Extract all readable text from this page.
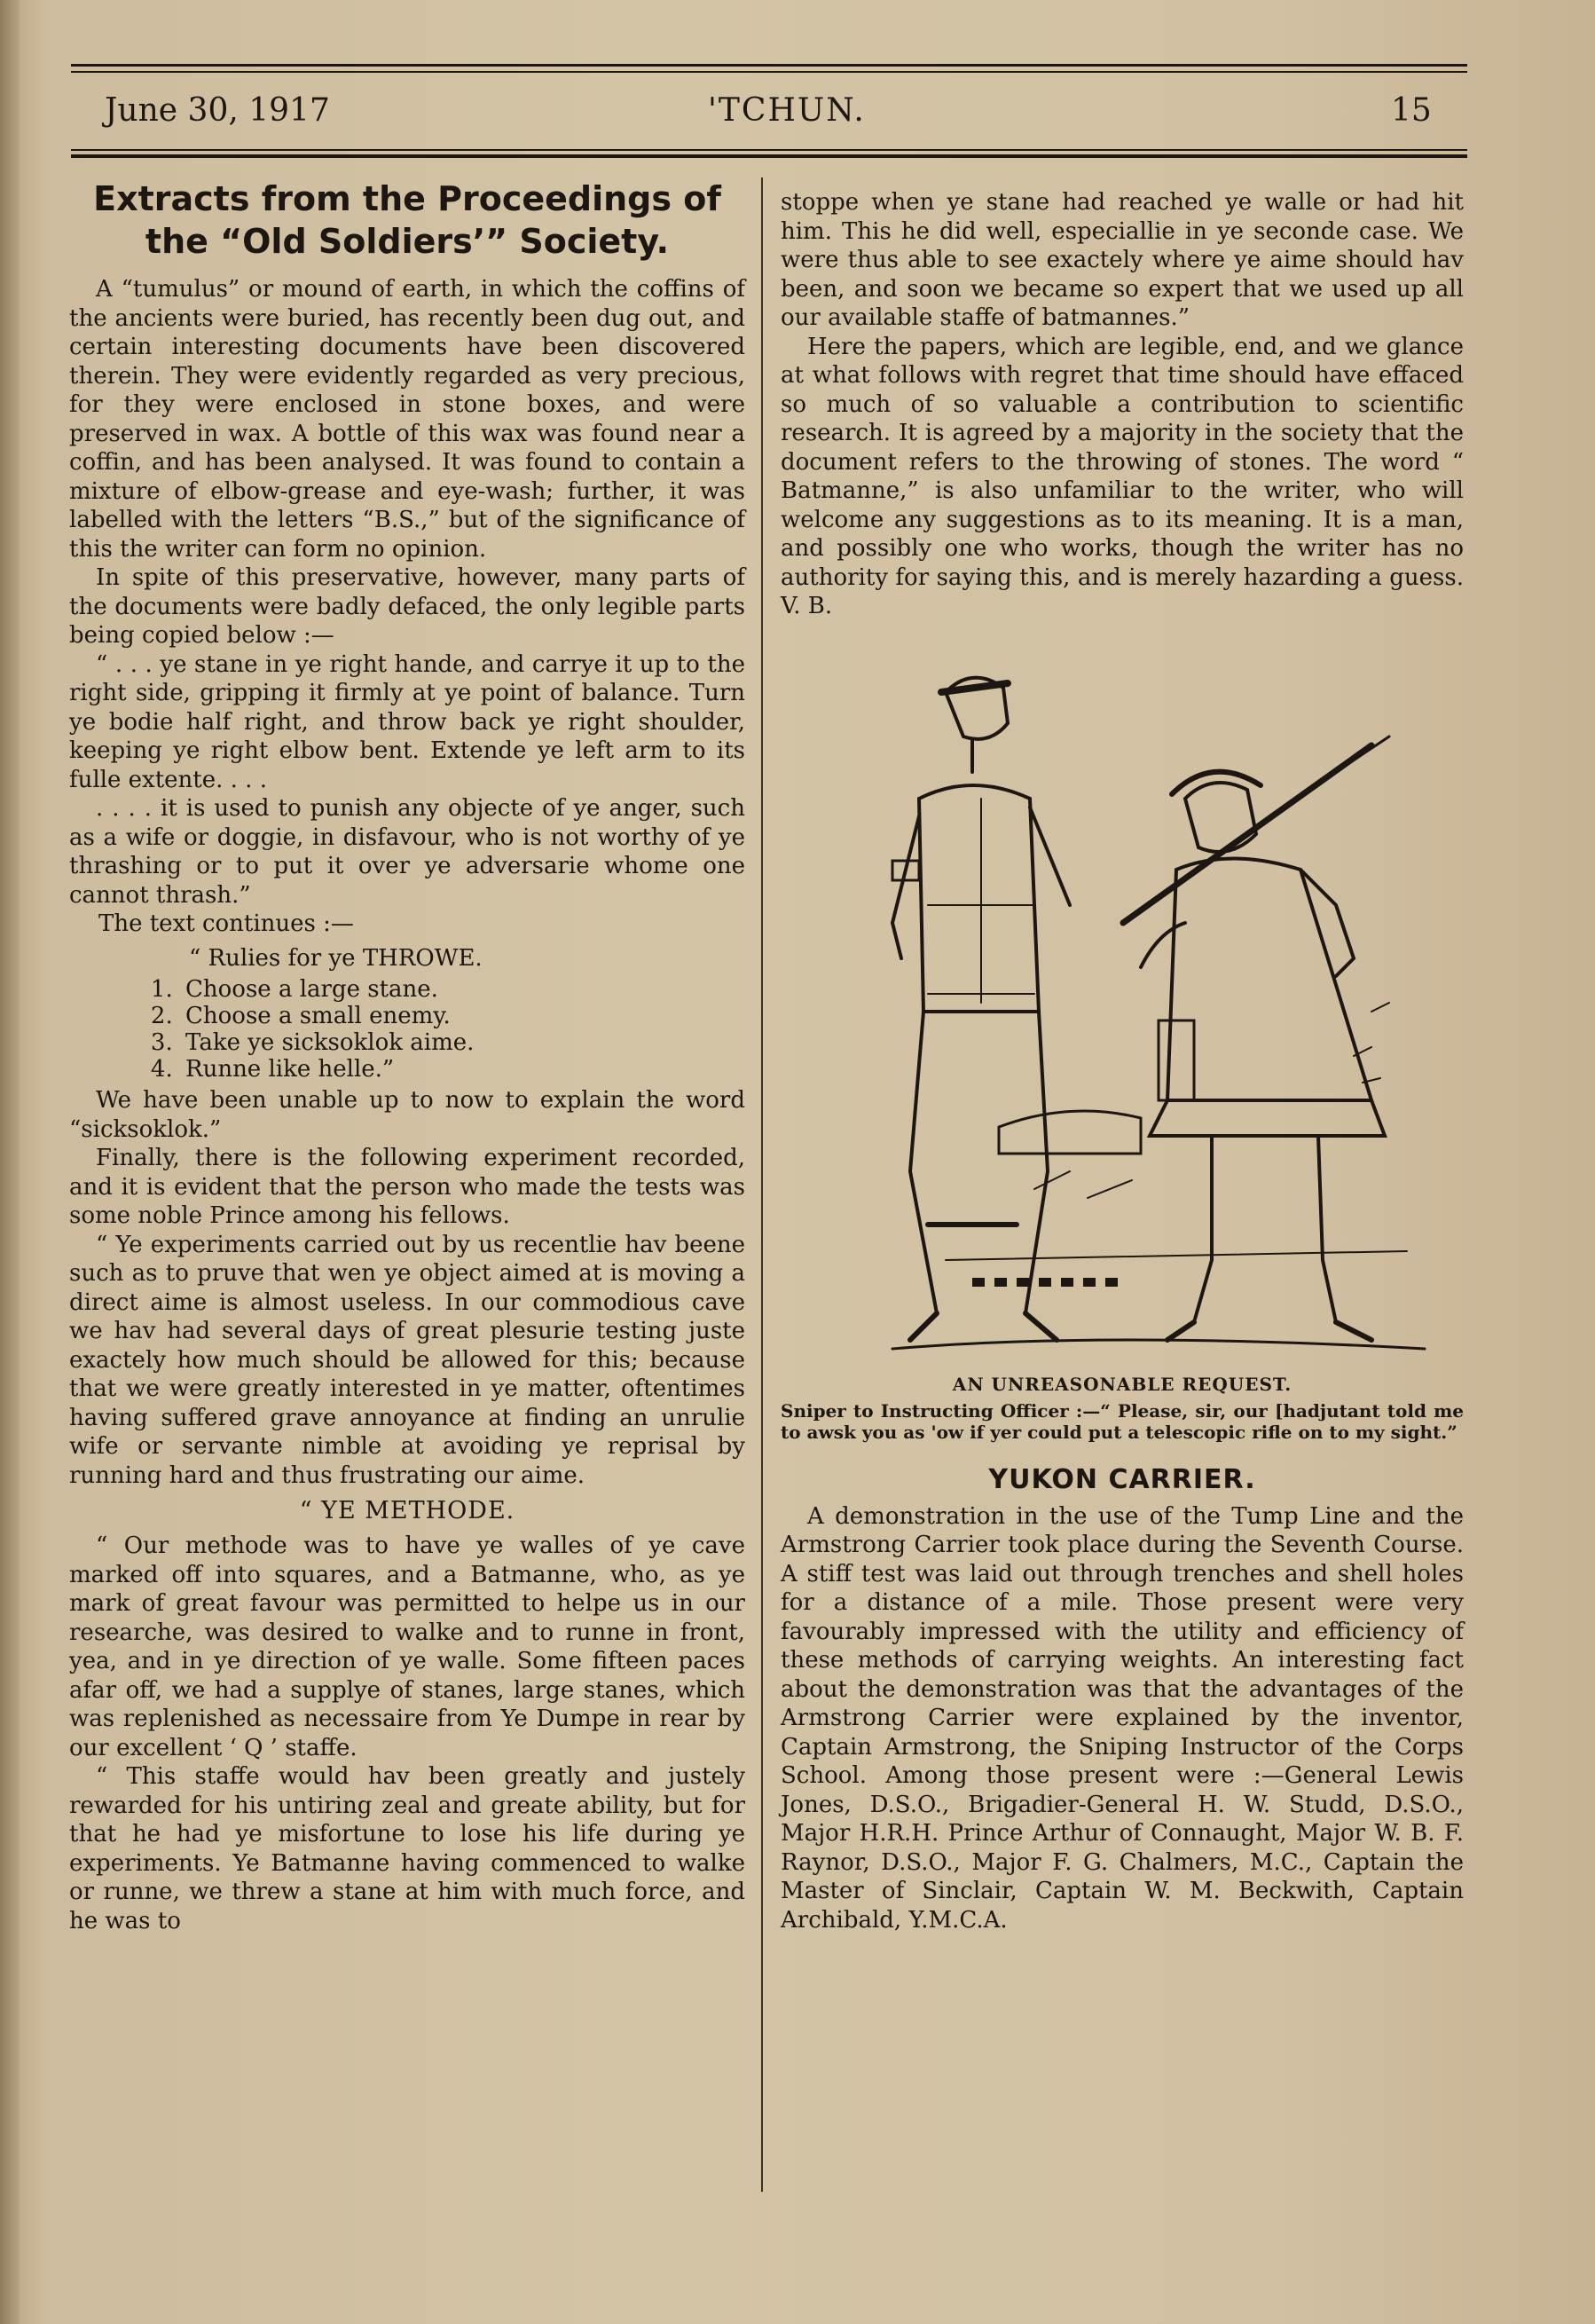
June 30, 1917	'TCHUN.	15
Extracts from the Proceedings of
the “Old Soldiers’” Society.

A “tumulus” or mound of earth, in which the coffins of the ancients were buried, has recently been dug out, and certain interesting documents have been discovered therein. They were evidently regarded as very precious, for they were enclosed in stone boxes, and were preserved in wax. A bottle of this wax was found near a coffin, and has been analysed. It was found to contain a mixture of elbow-grease and eye-wash; further, it was labelled with the letters “B.S.,” but of the significance of this the writer can form no opinion.

In spite of this preservative, however, many parts of the documents were badly defaced, the only legible parts being copied below :—

“ . . . ye stane in ye right hande, and carrye it up to the right side, gripping it firmly at ye point of balance. Turn ye bodie half right, and throw back ye right shoulder, keeping ye right elbow bent. Extende ye left arm to its fulle extente. . . .

. . . . it is used to punish any objecte of ye anger, such as a wife or doggie, in disfavour, who is not worthy of ye thrashing or to put it over ye adversarie whome one cannot thrash.”

The text continues :—

“ Rulies for ye THROWE.

1. Choose a large stane.
2. Choose a small enemy.
3. Take ye sicksoklok aime.
4. Runne like helle.”

We have been unable up to now to explain the word “sicksoklok.”

Finally, there is the following experiment recorded, and it is evident that the person who made the tests was some noble Prince among his fellows.

“ Ye experiments carried out by us recentlie hav beene such as to pruve that wen ye object aimed at is moving a direct aime is almost useless. In our commodious cave we hav had several days of great plesurie testing juste exactely how much should be allowed for this; because that we were greatly interested in ye matter, oftentimes having suffered grave annoyance at finding an unrulie wife or servante nimble at avoiding ye reprisal by running hard and thus frustrating our aime.

“ YE METHODE.

“ Our methode was to have ye walles of ye cave marked off into squares, and a Batmanne, who, as ye mark of great favour was permitted to helpe us in our researche, was desired to walke and to runne in front, yea, and in ye direction of ye walle. Some fifteen paces afar off, we had a supplye of stanes, large stanes, which was replenished as necessaire from Ye Dumpe in rear by our excellent ‘ Q ’ staffe.

“ This staffe would hav been greatly and justely rewarded for his untiring zeal and greate ability, but for that he had ye misfortune to lose his life during ye experiments. Ye Batmanne having commenced to walke or runne, we threw a stane at him with much force, and he was to

stoppe when ye stane had reached ye walle or had hit him. This he did well, especiallie in ye seconde case. We were thus able to see exactely where ye aime should hav been, and soon we became so expert that we used up all our available staffe of batmannes.”

Here the papers, which are legible, end, and we glance at what follows with regret that time should have effaced so much of so valuable a contribution to scientific research. It is agreed by a majority in the society that the document refers to the throwing of stones. The word “ Batmanne,” is also unfamiliar to the writer, who will welcome any suggestions as to its meaning. It is a man, and possibly one who works, though the writer has no authority for saying this, and is merely hazarding a guess. V. B.

AN UNREASONABLE REQUEST.
Sniper to Instructing Officer :—“ Please, sir, our [hadjutant told me to awsk you as 'ow if yer could put a telescopic rifle on to my sight.”
YUKON CARRIER.

A demonstration in the use of the Tump Line and the Armstrong Carrier took place during the Seventh Course. A stiff test was laid out through trenches and shell holes for a distance of a mile. Those present were very favourably impressed with the utility and efficiency of these methods of carrying weights. An interesting fact about the demonstration was that the advantages of the Armstrong Carrier were explained by the inventor, Captain Armstrong, the Sniping Instructor of the Corps School. Among those present were :—General Lewis Jones, D.S.O., Brigadier-General H. W. Studd, D.S.O., Major H.R.H. Prince Arthur of Connaught, Major W. B. F. Raynor, D.S.O., Major F. G. Chalmers, M.C., Captain the Master of Sinclair, Captain W. M. Beckwith, Captain Archibald, Y.M.C.A.
